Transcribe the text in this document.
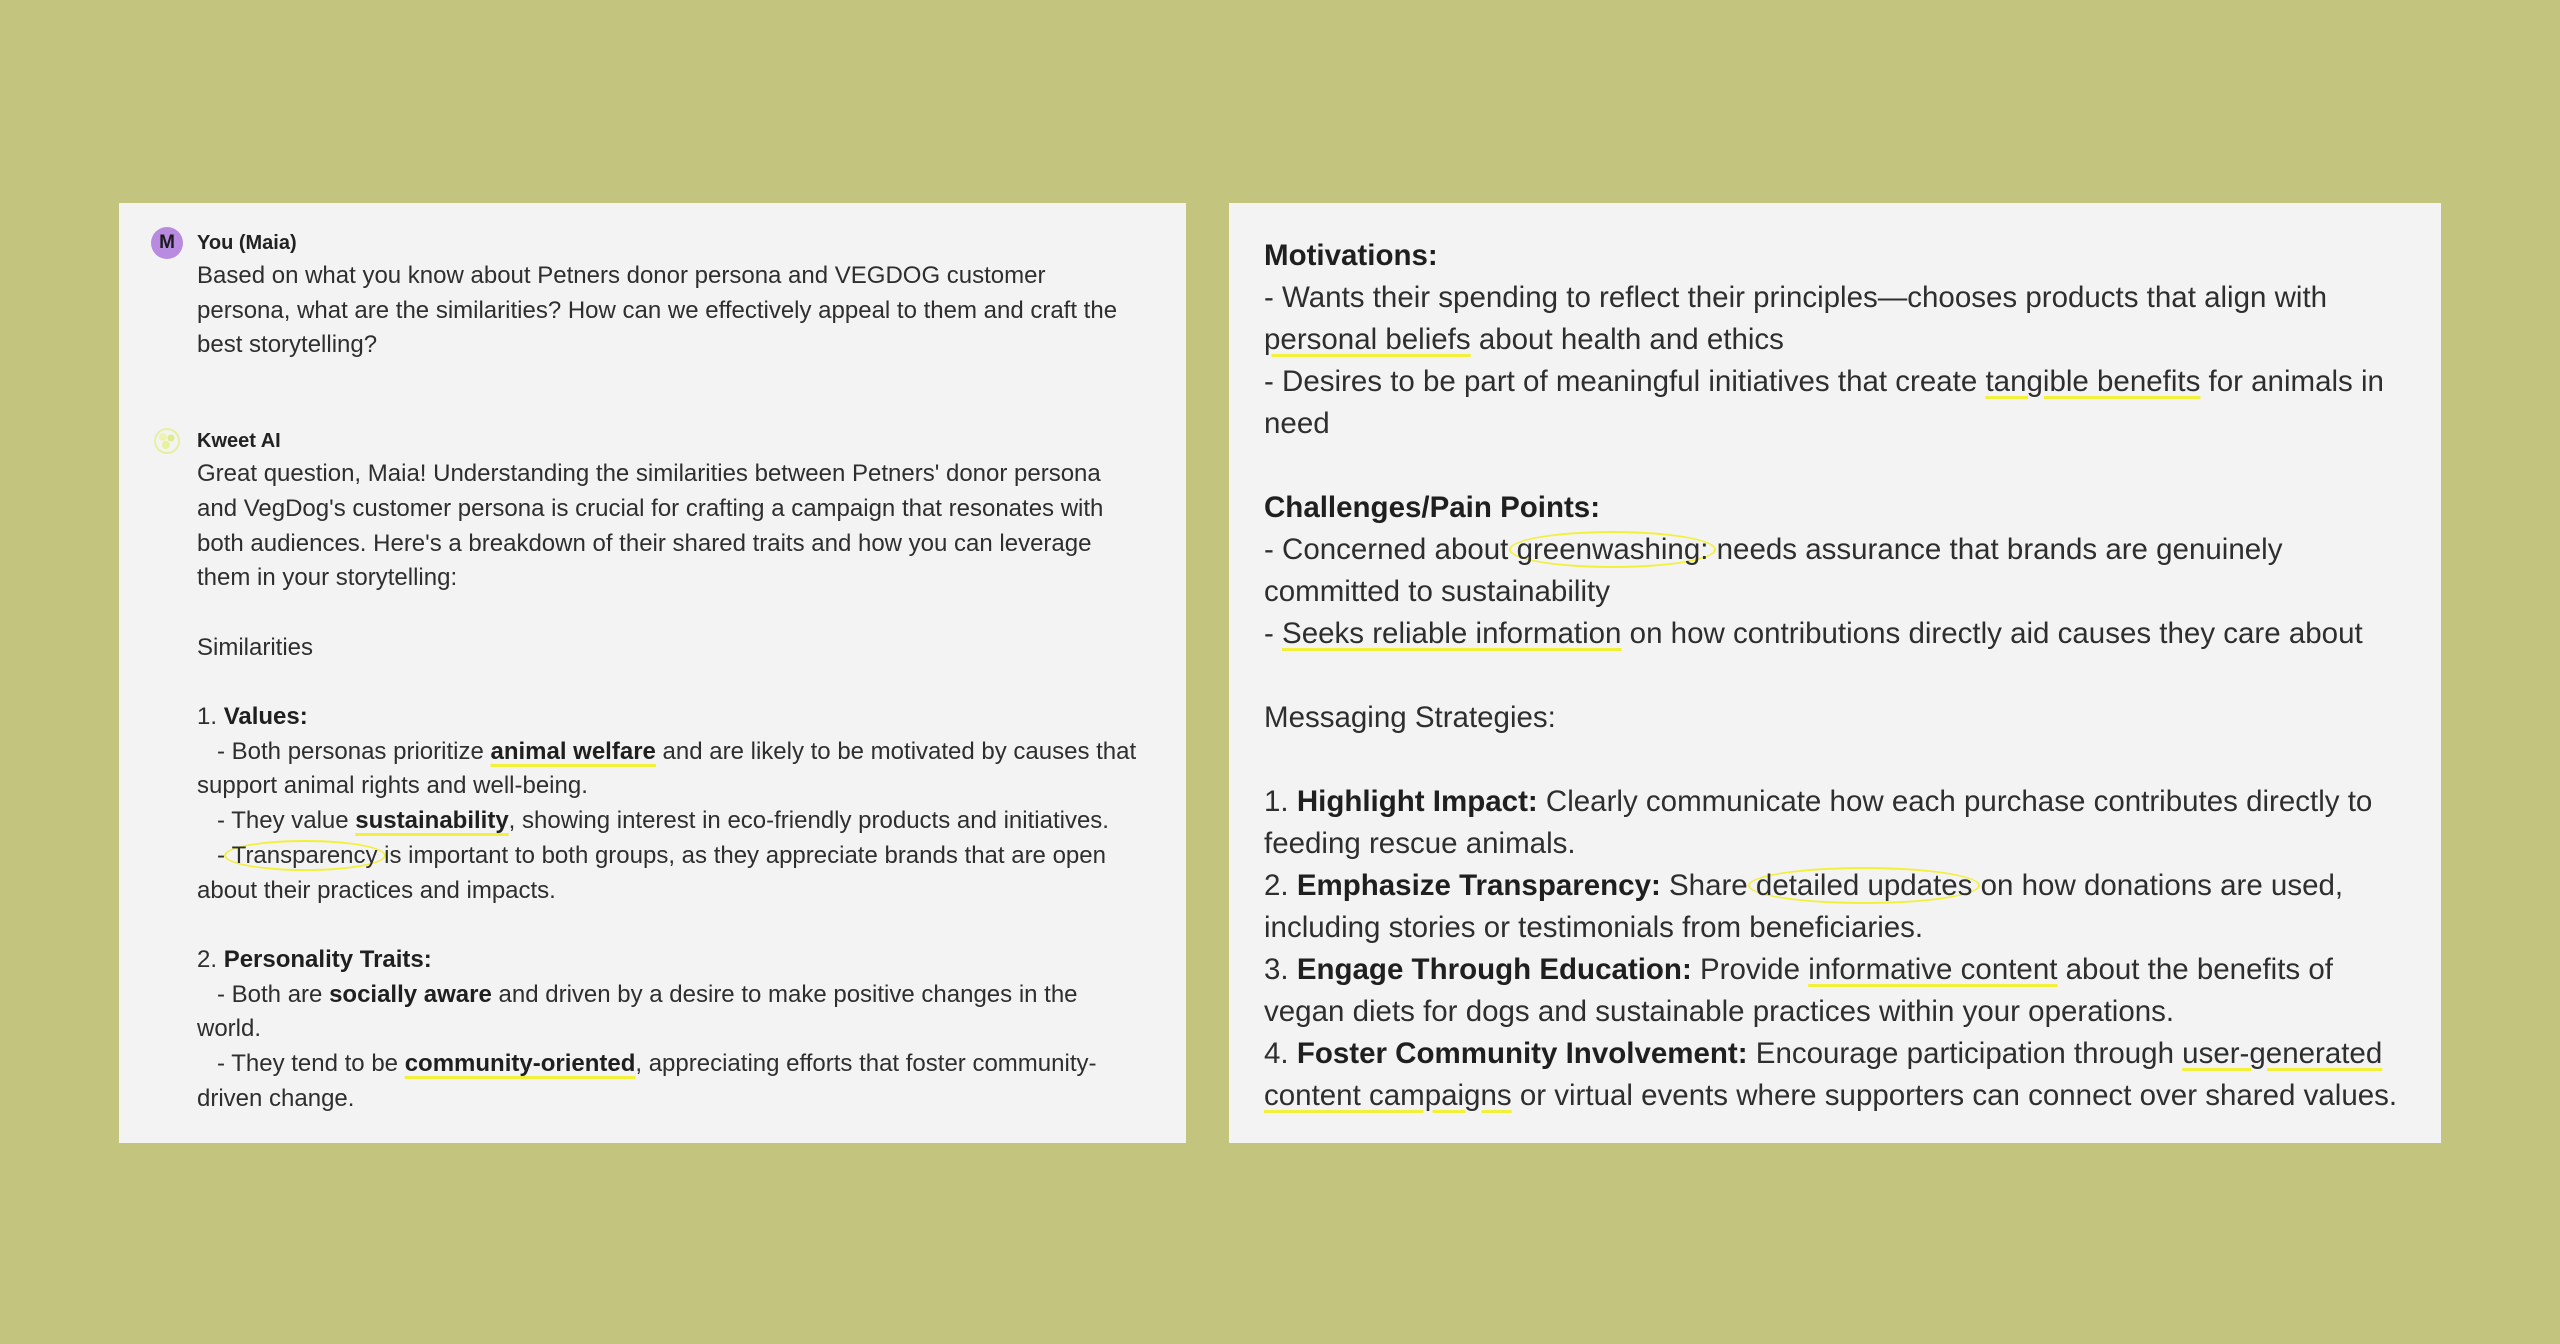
M	You (Maia)
Based on what you know about Petners donor persona and VEGDOG customer
persona, what are the similarities? How can we effectively appeal to them and craft the
best storytelling?
Kweet AI
Great question, Maia! Understanding the similarities between Petners' donor persona
and VegDog's customer persona is crucial for crafting a campaign that resonates with
both audiences. Here's a breakdown of their shared traits and how you can leverage
them in your storytelling:
Similarities
1. Values:
- Both personas prioritize animal welfare and are likely to be motivated by causes that
support animal rights and well-being.
- They value sustainability, showing interest in eco-friendly products and initiatives.
- Transparency is important to both groups, as they appreciate brands that are open
about their practices and impacts.
2. Personality Traits:
- Both are socially aware and driven by a desire to make positive changes in the
world.
- They tend to be community-oriented, appreciating efforts that foster community-
driven change.
Motivations:
- Wants their spending to reflect their principles—chooses products that align with
personal beliefs about health and ethics
- Desires to be part of meaningful initiatives that create tangible benefits for animals in
need
Challenges/Pain Points:
- Concerned about greenwashing: needs assurance that brands are genuinely
committed to sustainability
- Seeks reliable information on how contributions directly aid causes they care about
Messaging Strategies:
1. Highlight Impact: Clearly communicate how each purchase contributes directly to
feeding rescue animals.
2. Emphasize Transparency: Share detailed updates on how donations are used,
including stories or testimonials from beneficiaries.
3. Engage Through Education: Provide informative content about the benefits of
vegan diets for dogs and sustainable practices within your operations.
4. Foster Community Involvement: Encourage participation through user-generated
content campaigns or virtual events where supporters can connect over shared values.
